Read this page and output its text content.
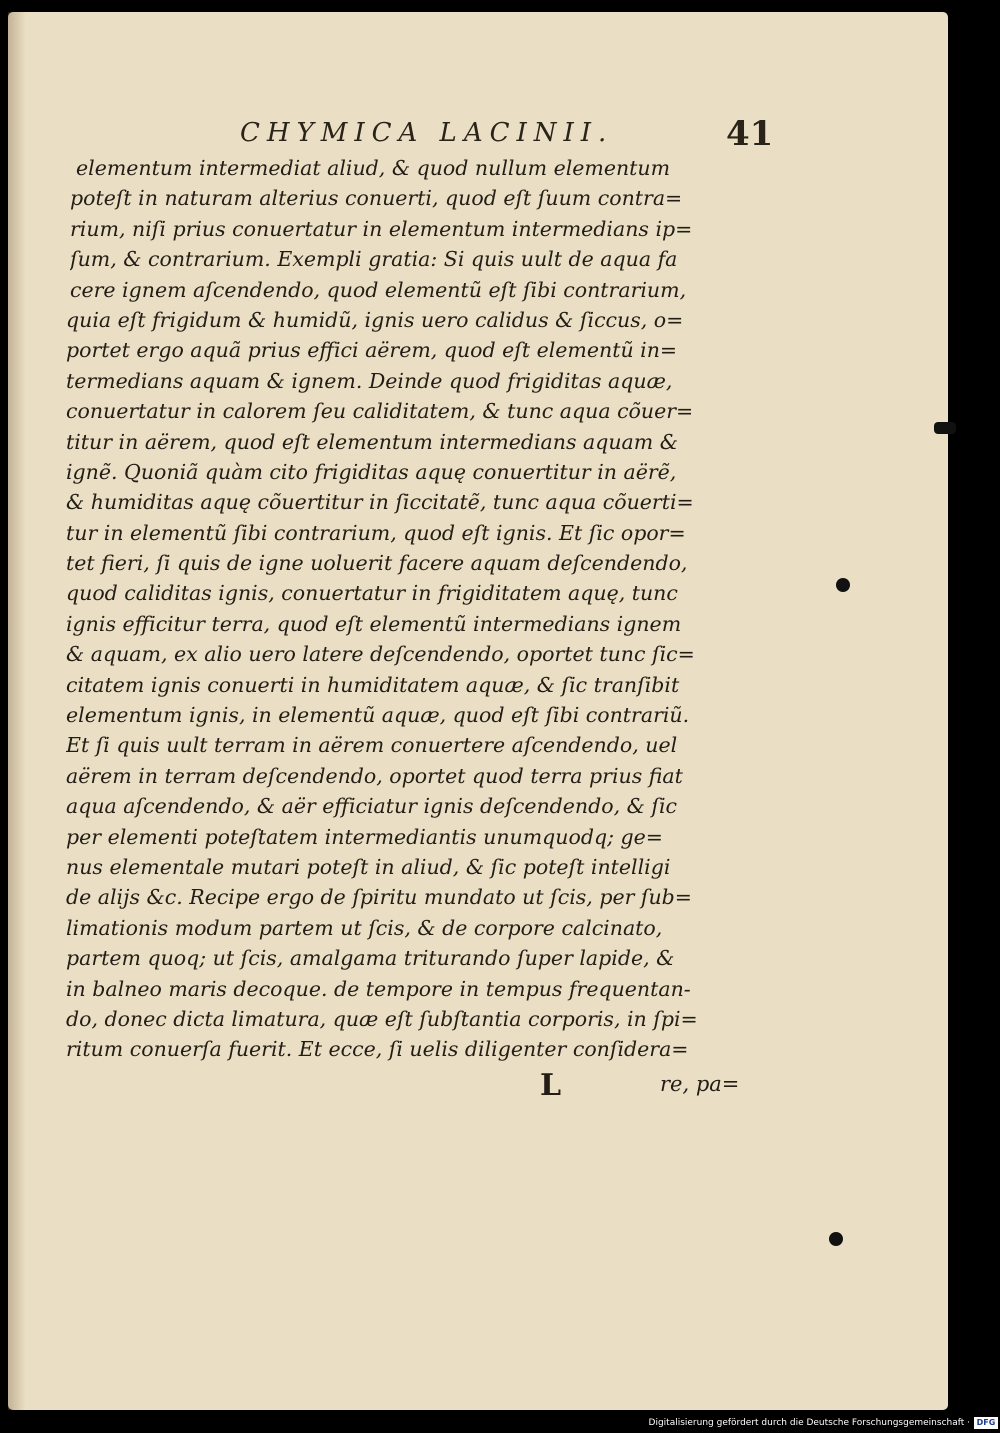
CHYMICA LACINII.	41
elementum intermediat aliud, & quod nullum elementum
poteſt in naturam alterius conuerti, quod eſt ſuum contra=
rium, niſi prius conuertatur in elementum intermedians ip=
ſum, & contrarium. Exempli gratia: Si quis uult de aqua fa
cere ignem aſcendendo, quod elementũ eſt ſibi contrarium,
quia eſt frigidum & humidũ, ignis uero calidus & ſiccus, o=
portet ergo aquã prius effici aërem, quod eſt elementũ in=
termedians aquam & ignem. Deinde quod frigiditas aquæ,
conuertatur in calorem ſeu caliditatem, & tunc aqua cõuer=
titur in aërem, quod eſt elementum intermedians aquam &
ignẽ. Quoniã quàm cito frigiditas aquę conuertitur in aërẽ,
& humiditas aquę cõuertitur in ſiccitatẽ, tunc aqua cõuerti=
tur in elementũ ſibi contrarium, quod eſt ignis. Et ſic opor=
tet fieri, ſi quis de igne uoluerit facere aquam deſcendendo,
quod caliditas ignis, conuertatur in frigiditatem aquę, tunc
ignis efficitur terra, quod eſt elementũ intermedians ignem
& aquam, ex alio uero latere deſcendendo, oportet tunc ſic=
citatem ignis conuerti in humiditatem aquæ, & ſic tranſibit
elementum ignis, in elementũ aquæ, quod eſt ſibi contrariũ.
Et ſi quis uult terram in aërem conuertere aſcendendo, uel
aërem in terram deſcendendo, oportet quod terra prius fiat
aqua aſcendendo, & aër efficiatur ignis deſcendendo, & ſic
per elementi poteſtatem intermediantis unumquodq; ge=
nus elementale mutari poteſt in aliud, & ſic poteſt intelligi
de alijs &c. Recipe ergo de ſpiritu mundato ut ſcis, per ſub=
limationis modum partem ut ſcis, & de corpore calcinato,
partem quoq; ut ſcis, amalgama triturando ſuper lapide, &
in balneo maris decoque. de tempore in tempus frequentan-
do, donec dicta limatura, quæ eſt ſubſtantia corporis, in ſpi=
ritum conuerſa fuerit. Et ecce, ſi uelis diligenter conſidera=
L	re, pa=
Digitalisierung gefördert durch die Deutsche Forschungsgemeinschaft · DFG
